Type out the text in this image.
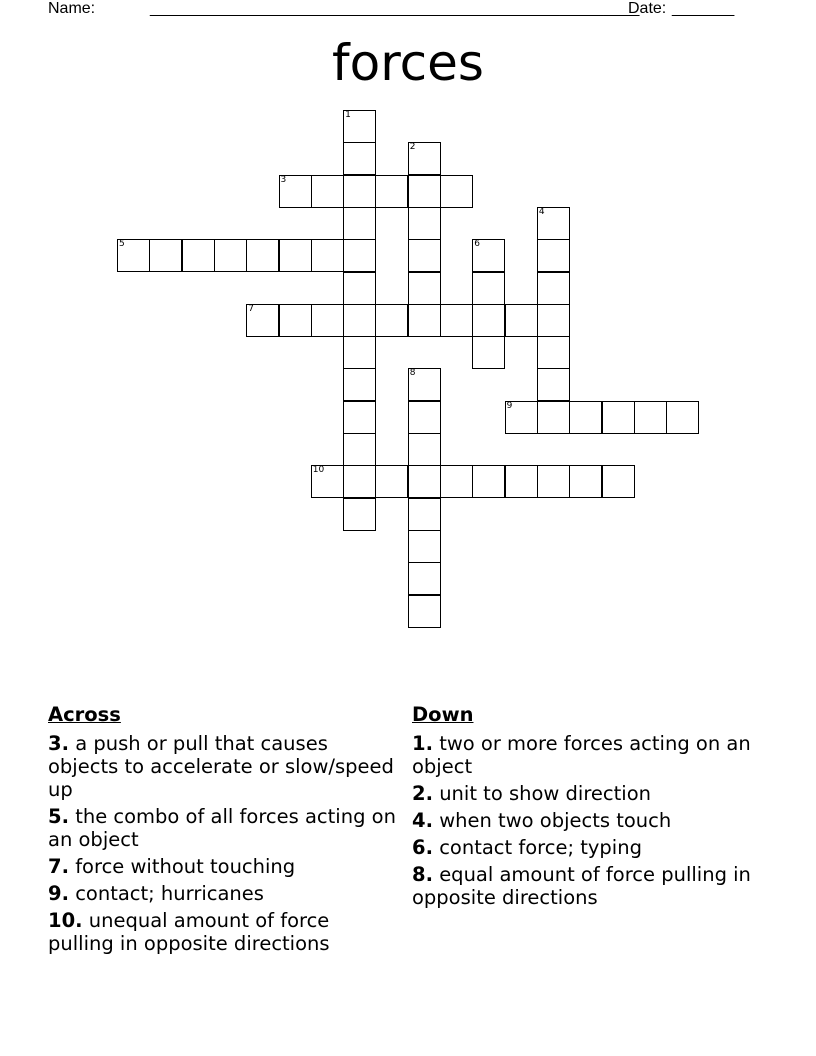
Name:	_______________________________________________________
Date: _______
forces
1
2
3
4
5	6
7
8
9
10
Across
3. a push or pull that causes objects to accelerate or slow/speed up
5. the combo of all forces acting on an object
7. force without touching
9. contact; hurricanes
10. unequal amount of force pulling in opposite directions
Down
1. two or more forces acting on an object
2. unit to show direction
4. when two objects touch
6. contact force; typing
8. equal amount of force pulling in opposite directions
